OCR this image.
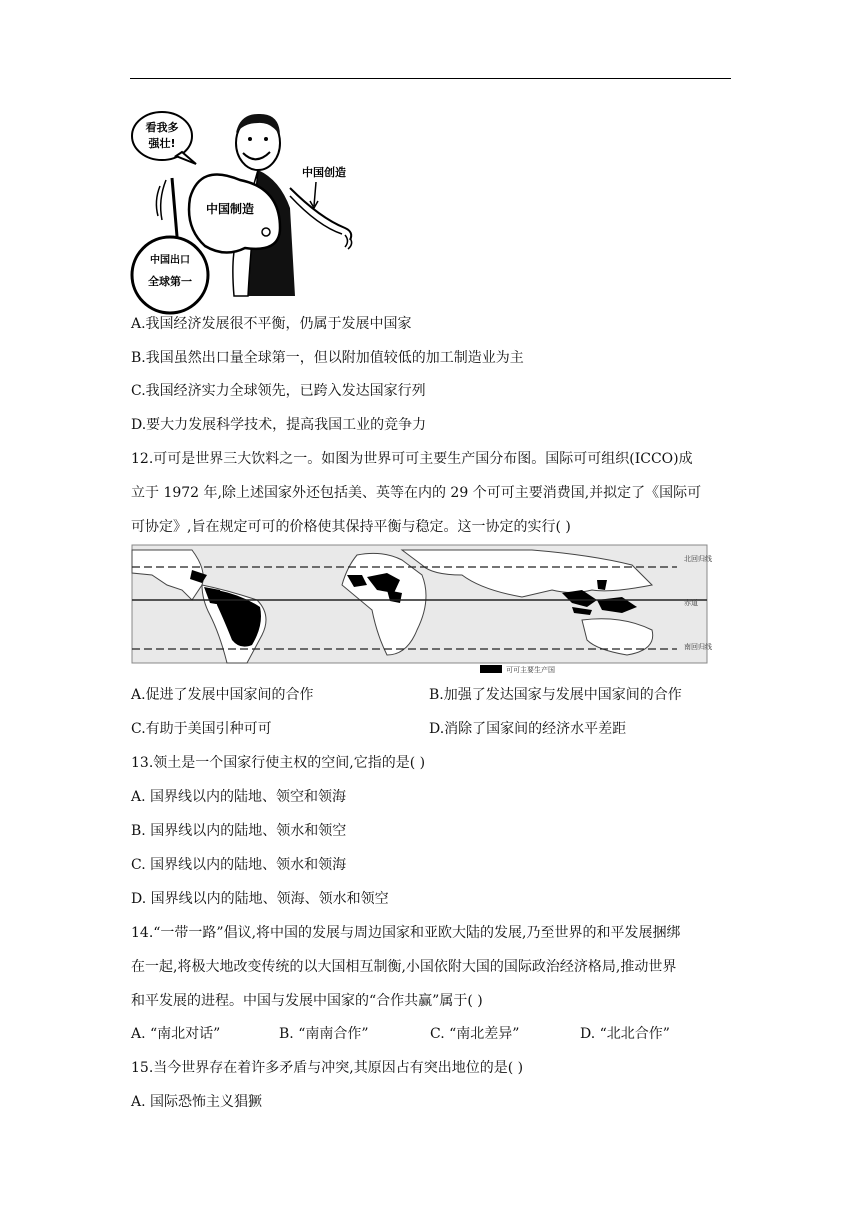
看我多
强壮!
中国创造
中国制造
中国出口
全球第一
A.我国经济发展很不平衡，仍属于发展中国家
B.我国虽然出口量全球第一，但以附加值较低的加工制造业为主
C.我国经济实力全球领先，已跨入发达国家行列
D.要大力发展科学技术，提高我国工业的竞争力
12.可可是世界三大饮料之一。如图为世界可可主要生产国分布图。国际可可组织(ICCO)成
立于 1972 年,除上述国家外还包括美、英等在内的 29 个可可主要消费国,并拟定了《国际可
可协定》,旨在规定可可的价格使其保持平衡与稳定。这一协定的实行( )
北回归线
赤道
南回归线
可可主要生产国
A.促进了发展中国家间的合作	B.加强了发达国家与发展中国家间的合作
C.有助于美国引种可可	D.消除了国家间的经济水平差距
13.领土是一个国家行使主权的空间,它指的是( )
A. 国界线以内的陆地、领空和领海
B. 国界线以内的陆地、领水和领空
C. 国界线以内的陆地、领水和领海
D. 国界线以内的陆地、领海、领水和领空
14.“一带一路”倡议,将中国的发展与周边国家和亚欧大陆的发展,乃至世界的和平发展捆绑
在一起,将极大地改变传统的以大国相互制衡,小国依附大国的国际政治经济格局,推动世界
和平发展的进程。中国与发展中国家的“合作共赢”属于( )
A. “南北对话”	B. “南南合作”	C. “南北差异”	D. “北北合作”
15.当今世界存在着许多矛盾与冲突,其原因占有突出地位的是( )
A. 国际恐怖主义猖獗
